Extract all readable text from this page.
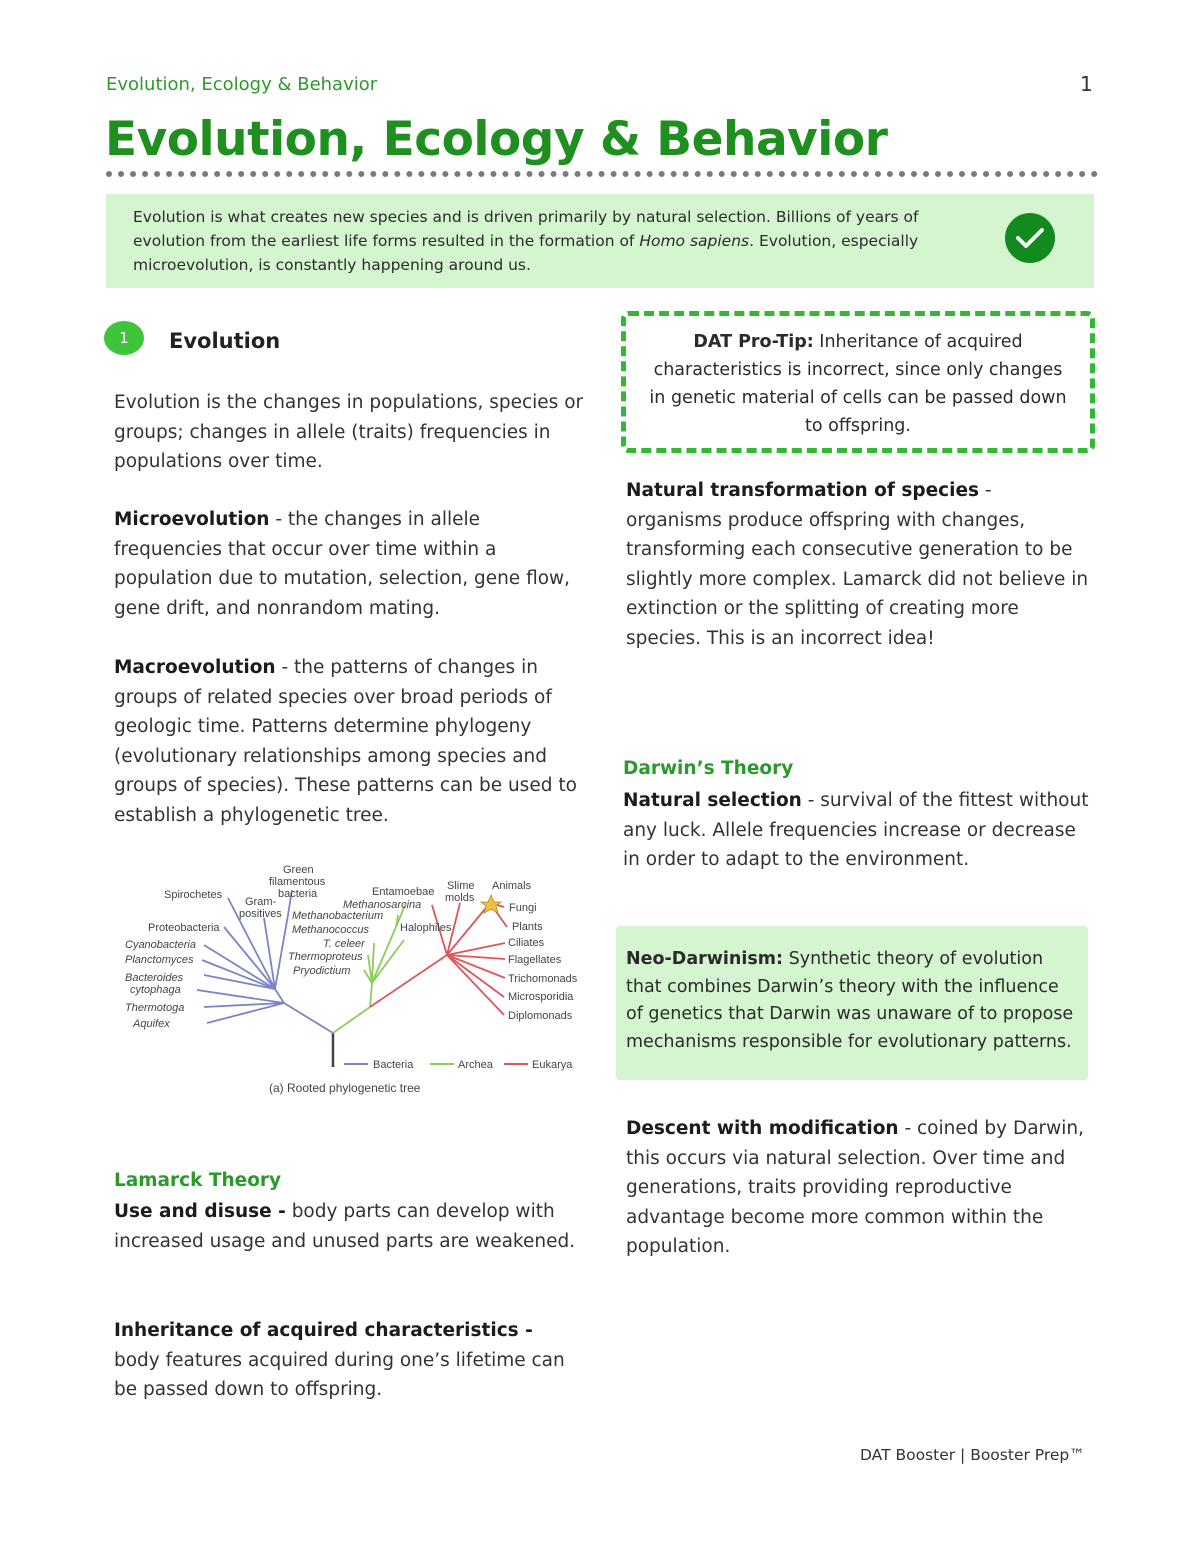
Evolution, Ecology & Behavior	1
Evolution, Ecology & Behavior
Evolution is what creates new species and is driven primarily by natural selection. Billions of years of evolution from the earliest life forms resulted in the formation of Homo sapiens. Evolution, especially microevolution, is constantly happening around us.
1	Evolution
Evolution is the changes in populations, species or groups; changes in allele (traits) frequencies in populations over time.
Microevolution - the changes in allele frequencies that occur over time within a population due to mutation, selection, gene flow, gene drift, and nonrandom mating.
Macroevolution - the patterns of changes in groups of related species over broad periods of geologic time. Patterns determine phylogeny (evolutionary relationships among species and groups of species). These patterns can be used to establish a phylogenetic tree.
Spirochetes
Green
filamentous
bacteria
Gram-
positives
Proteobacteria
Cyanobacteria
Planctomyces
Bacteroides
cytophaga
Thermotoga
Aquifex
Methanosarcina
Methanobacterium
Methanococcus
T. celeer
Thermoproteus
Pryodictium
Halophiles
Entamoebae Slime
molds
Animals
Fungi
Plants
Ciliates
Flagellates
Trichomonads
Microsporidia
Diplomonads
Bacteria	Archea	Eukarya
(a) Rooted phylogenetic tree
Lamarck Theory
Use and disuse - body parts can develop with increased usage and unused parts are weakened.
Inheritance of acquired characteristics - body features acquired during one’s lifetime can be passed down to offspring.
DAT Pro-Tip: Inheritance of acquired characteristics is incorrect, since only changes in genetic material of cells can be passed down to offspring.
Natural transformation of species - organisms produce offspring with changes, transforming each consecutive generation to be slightly more complex. Lamarck did not believe in extinction or the splitting of creating more species. This is an incorrect idea!
Darwin’s Theory
Natural selection - survival of the fittest without any luck. Allele frequencies increase or decrease in order to adapt to the environment.
Neo-Darwinism: Synthetic theory of evolution that combines Darwin’s theory with the influence of genetics that Darwin was unaware of to propose mechanisms responsible for evolutionary patterns.
Descent with modification - coined by Darwin, this occurs via natural selection. Over time and generations, traits providing reproductive advantage become more common within the population.
DAT Booster | Booster Prep™
